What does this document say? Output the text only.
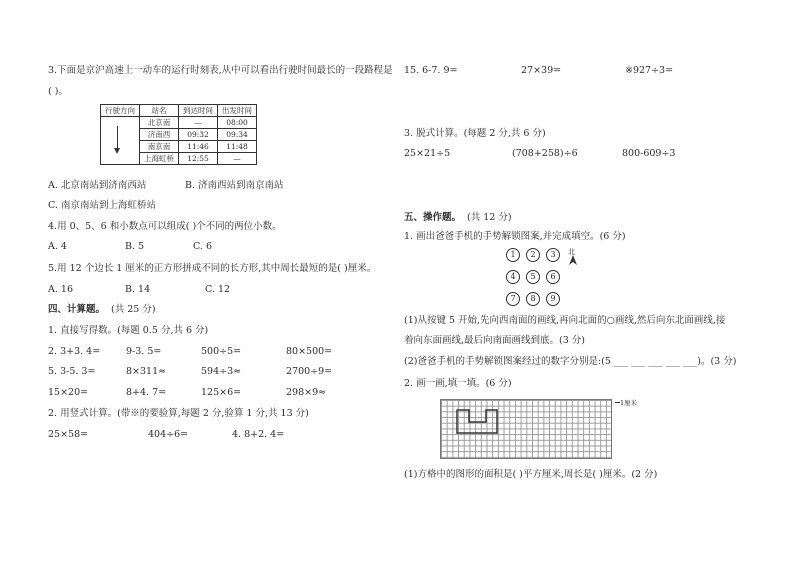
3.下面是京沪高速上一动车的运行时刻表,从中可以看出行驶时间最长的一段路程是
( )。
行驶方向	站名	到达时间	出发时间
	北京南	—	08:00
	济南西	09:32	09:34
	南京南	11:46	11:48
	上海虹桥	12:55	—
A. 北京南站到济南西站	B. 济南西站到南京南站
C. 南京南站到上海虹桥站
4.用 0、5、6 和小数点可以组成( )个不同的两位小数。
A. 4	B. 5	C. 6
5.用 12 个边长 1 厘米的正方形拼成不同的长方形,其中周长最短的是( )厘米。
A. 16	B. 14	C. 12
四、计算题。 (共 25 分)
1. 直接写得数。(每题 0.5 分,共 6 分)
2. 3+3. 4=	9-3. 5=	500÷5=	80×500=
5. 3-5. 3=	8×311≈	594÷3≈	2700÷9=
15×20=	8+4. 7=	125×6=	298×9≈
2. 用竖式计算。(带※的要验算,每题 2 分,验算 1 分,共 13 分)
25×58=	404÷6=	4. 8+2. 4=
15. 6-7. 9=	27×39=	※927÷3=
3. 脱式计算。(每题 2 分,共 6 分)
25×21÷5	(708+258)÷6	800-609÷3
五、操作题。 (共 12 分)
1. 画出爸爸手机的手势解锁图案,并完成填空。(6 分)
1	2	3
4	5	6
7	8	9
北
(1)从按键 5 开始,先向西南面的画线,再向北面的○画线,然后向东北面画线,接
着向东面画线,最后向南面画线到底。(3 分)
(2)爸爸手机的手势解锁图案经过的数字分别是:(5 ___ ___ ___ ___ ___)。(3 分)
2. 画一画,填一填。(6 分)
1厘米
(1)方格中的图形的面积是( )平方厘米,周长是( )厘米。(2 分)
